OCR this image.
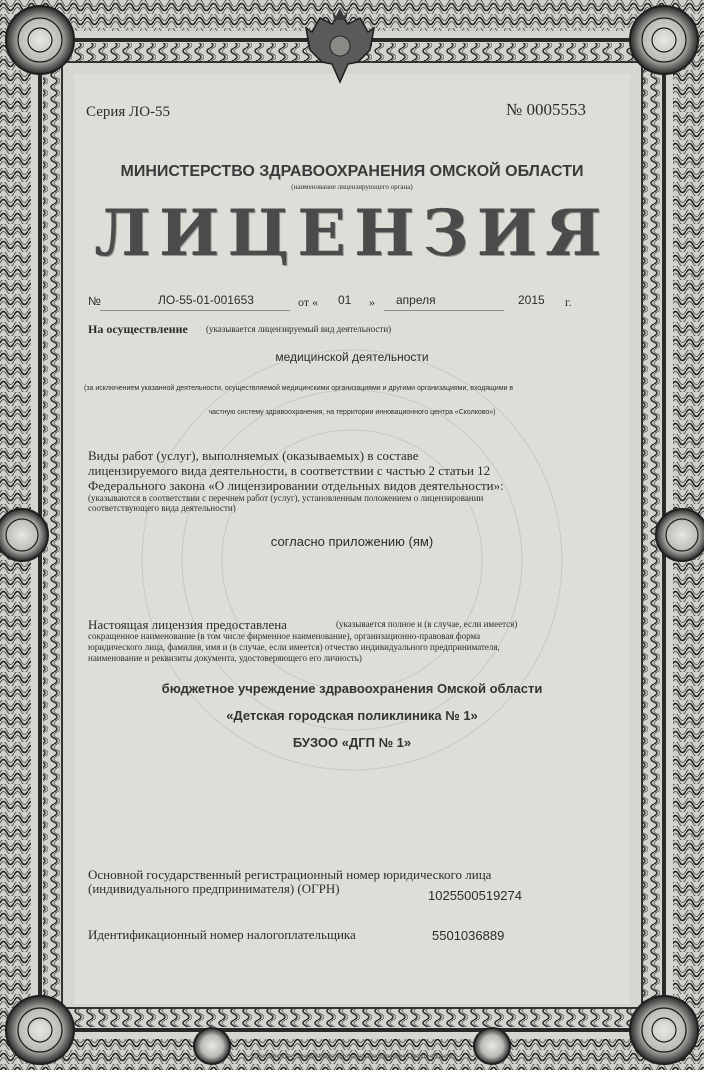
Серия ЛО-55	№ 0005553
МИНИСТЕРСТВО ЗДРАВООХРАНЕНИЯ ОМСКОЙ ОБЛАСТИ
(наименование лицензирующего органа)
ЛИЦЕНЗИЯ
№	ЛО-55-01-001653	от « 01 » апреля	2015 г.
На осуществление (указывается лицензируемый вид деятельности)
медицинской деятельности
(за исключением указанной деятельности, осуществляемой медицинскими организациями и другими организациями, входящими в
частную систему здравоохранения, на территории инновационного центра «Сколково»)
Виды работ (услуг), выполняемых (оказываемых) в составе
лицензируемого вида деятельности, в соответствии с частью 2 статьи 12
Федерального закона «О лицензировании отдельных видов деятельности»:
(указываются в соответствии с перечнем работ (услуг), установленным положением о лицензировании
соответствующего вида деятельности)
согласно приложению (ям)
Настоящая лицензия предоставлена	(указывается полное и (в случае, если имеется)
сокращенное наименование (в том числе фирменное наименование), организационно-правовая форма
юридического лица, фамилия, имя и (в случае, если имеется) отчество индивидуального предпринимателя,
наименование и реквизиты документа, удостоверяющего его личность)
бюджетное учреждение здравоохранения Омской области
«Детская городская поликлиника № 1»
БУЗОО «ДГП № 1»
Основной государственный регистрационный номер юридического лица
(индивидуального предпринимателя) (ОГРН)	1025500519274
Идентификационный номер налогоплательщика	5501036889
Изготовлено по заказу Министерства здравоохранения Омской области
